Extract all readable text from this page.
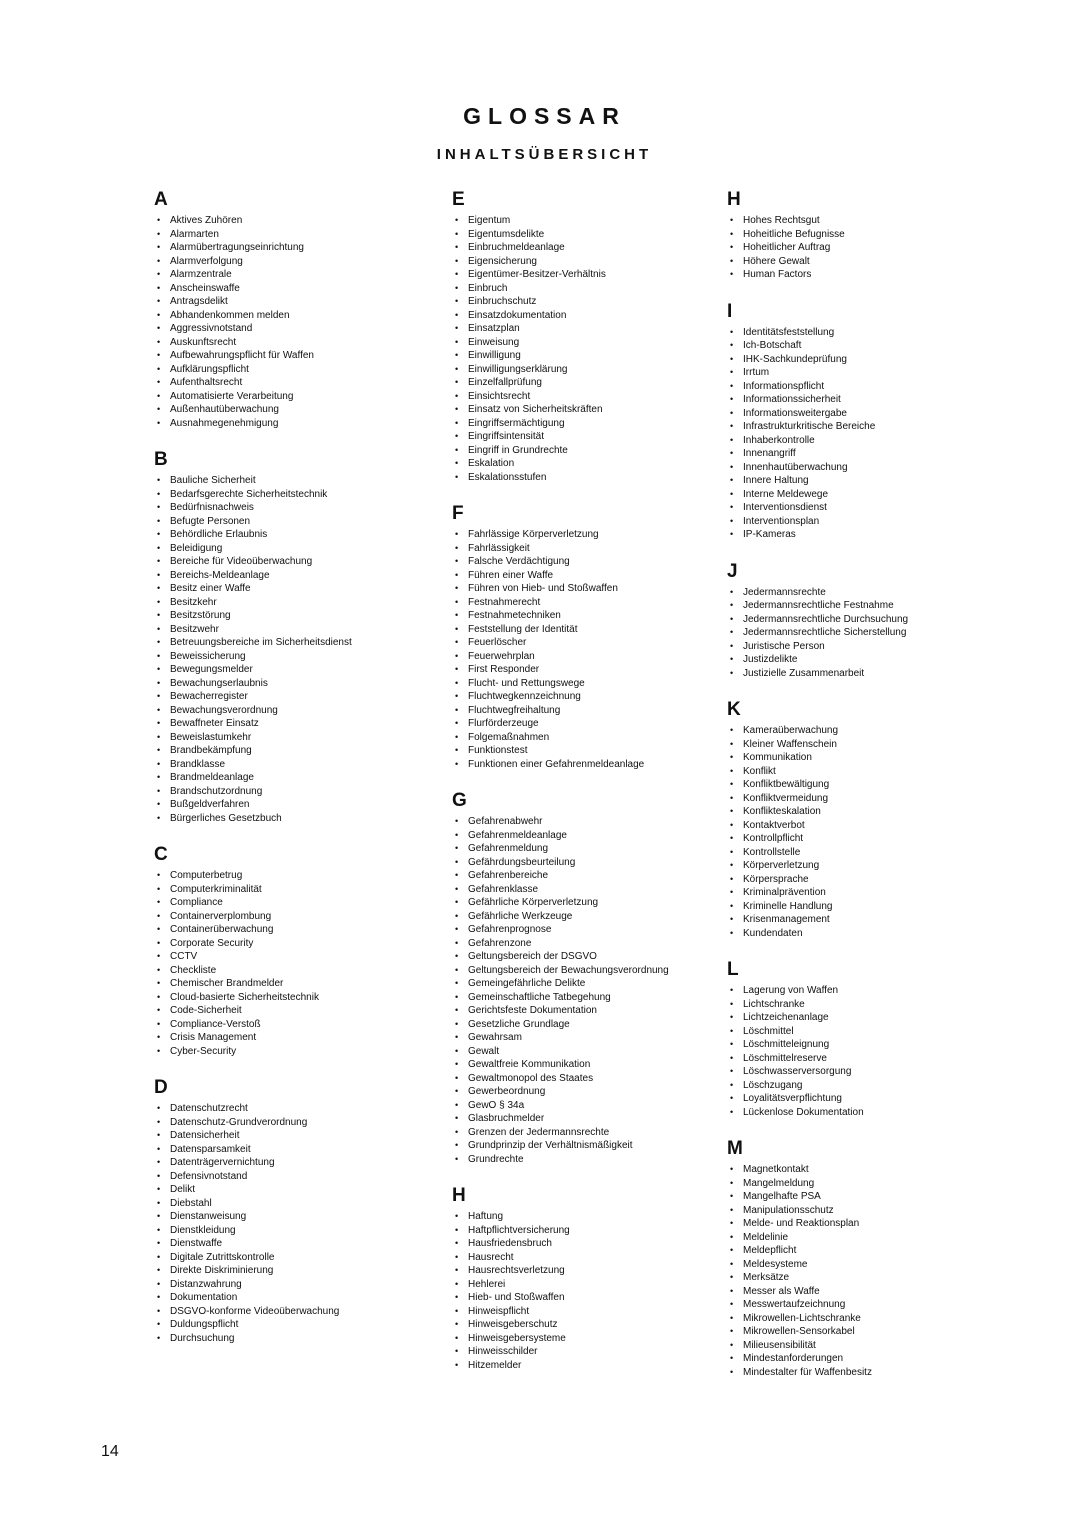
GLOSSAR
INHALTSÜBERSICHT
A
• Aktives Zuhören
• Alarmarten
• Alarmübertragungseinrichtung
• Alarmverfolgung
• Alarmzentrale
• Anscheinswaffe
• Antragsdelikt
• Abhandenkommen melden
• Aggressivnotstand
• Auskunftsrecht
• Aufbewahrungspflicht für Waffen
• Aufklärungspflicht
• Aufenthaltsrecht
• Automatisierte Verarbeitung
• Außenhautüberwachung
• Ausnahmegenehmigung
B
• Bauliche Sicherheit
• Bedarfsgerechte Sicherheitstechnik
• Bedürfnisnachweis
• Befugte Personen
• Behördliche Erlaubnis
• Beleidigung
• Bereiche für Videoüberwachung
• Bereichs-Meldeanlage
• Besitz einer Waffe
• Besitzkehr
• Besitzstörung
• Besitzwehr
• Betreuungsbereiche im Sicherheitsdienst
• Beweissicherung
• Bewegungsmelder
• Bewachungserlaubnis
• Bewacherregister
• Bewachungsverordnung
• Bewaffneter Einsatz
• Beweislastumkehr
• Brandbekämpfung
• Brandklasse
• Brandmeldeanlage
• Brandschutzordnung
• Bußgeldverfahren
• Bürgerliches Gesetzbuch
C
• Computerbetrug
• Computerkriminalität
• Compliance
• Containerverplombung
• Containerüberwachung
• Corporate Security
• CCTV
• Checkliste
• Chemischer Brandmelder
• Cloud-basierte Sicherheitstechnik
• Code-Sicherheit
• Compliance-Verstoß
• Crisis Management
• Cyber-Security
D
• Datenschutzrecht
• Datenschutz-Grundverordnung
• Datensicherheit
• Datensparsamkeit
• Datenträgervernichtung
• Defensivnotstand
• Delikt
• Diebstahl
• Dienstanweisung
• Dienstkleidung
• Dienstwaffe
• Digitale Zutrittskontrolle
• Direkte Diskriminierung
• Distanzwahrung
• Dokumentation
• DSGVO-konforme Videoüberwachung
• Duldungspflicht
• Durchsuchung
E
• Eigentum
• Eigentumsdelikte
• Einbruchmeldeanlage
• Eigensicherung
• Eigentümer-Besitzer-Verhältnis
• Einbruch
• Einbruchschutz
• Einsatzdokumentation
• Einsatzplan
• Einweisung
• Einwilligung
• Einwilligungserklärung
• Einzelfallprüfung
• Einsichtsrecht
• Einsatz von Sicherheitskräften
• Eingriffsermächtigung
• Eingriffsintensität
• Eingriff in Grundrechte
• Eskalation
• Eskalationsstufen
F
• Fahrlässige Körperverletzung
• Fahrlässigkeit
• Falsche Verdächtigung
• Führen einer Waffe
• Führen von Hieb- und Stoßwaffen
• Festnahmerecht
• Festnahmetechniken
• Feststellung der Identität
• Feuerlöscher
• Feuerwehrplan
• First Responder
• Flucht- und Rettungswege
• Fluchtwegkennzeichnung
• Fluchtwegfreihaltung
• Flurförderzeuge
• Folgemaßnahmen
• Funktionstest
• Funktionen einer Gefahrenmeldeanlage
G
• Gefahrenabwehr
• Gefahrenmeldeanlage
• Gefahrenmeldung
• Gefährdungsbeurteilung
• Gefahrenbereiche
• Gefahrenklasse
• Gefährliche Körperverletzung
• Gefährliche Werkzeuge
• Gefahrenprognose
• Gefahrenzone
• Geltungsbereich der DSGVO
• Geltungsbereich der Bewachungsverordnung
• Gemeingefährliche Delikte
• Gemeinschaftliche Tatbegehung
• Gerichtsfeste Dokumentation
• Gesetzliche Grundlage
• Gewahrsam
• Gewalt
• Gewaltfreie Kommunikation
• Gewaltmonopol des Staates
• Gewerbeordnung
• GewO § 34a
• Glasbruchmelder
• Grenzen der Jedermannsrechte
• Grundprinzip der Verhältnismäßigkeit
• Grundrechte
H
• Haftung
• Haftpflichtversicherung
• Hausfriedensbruch
• Hausrecht
• Hausrechtsverletzung
• Hehlerei
• Hieb- und Stoßwaffen
• Hinweispflicht
• Hinweisgeberschutz
• Hinweisgebersysteme
• Hinweisschilder
• Hitzemelder
H
• Hohes Rechtsgut
• Hoheitliche Befugnisse
• Hoheitlicher Auftrag
• Höhere Gewalt
• Human Factors
I
• Identitätsfeststellung
• Ich-Botschaft
• IHK-Sachkundeprüfung
• Irrtum
• Informationspflicht
• Informationssicherheit
• Informationsweitergabe
• Infrastrukturkritische Bereiche
• Inhaberkontrolle
• Innenangriff
• Innenhautüberwachung
• Innere Haltung
• Interne Meldewege
• Interventionsdienst
• Interventionsplan
• IP-Kameras
J
• Jedermannsrechte
• Jedermannsrechtliche Festnahme
• Jedermannsrechtliche Durchsuchung
• Jedermannsrechtliche Sicherstellung
• Juristische Person
• Justizdelikte
• Justizielle Zusammenarbeit
K
• Kameraüberwachung
• Kleiner Waffenschein
• Kommunikation
• Konflikt
• Konfliktbewältigung
• Konfliktvermeidung
• Konflikteskalation
• Kontaktverbot
• Kontrollpflicht
• Kontrollstelle
• Körperverletzung
• Körpersprache
• Kriminalprävention
• Kriminelle Handlung
• Krisenmanagement
• Kundendaten
L
• Lagerung von Waffen
• Lichtschranke
• Lichtzeichenanlage
• Löschmittel
• Löschmitteleignung
• Löschmittelreserve
• Löschwasserversorgung
• Löschzugang
• Loyalitätsverpflichtung
• Lückenlose Dokumentation
M
• Magnetkontakt
• Mangelmeldung
• Mangelhafte PSA
• Manipulationsschutz
• Melde- und Reaktionsplan
• Meldelinie
• Meldepflicht
• Meldesysteme
• Merksätze
• Messer als Waffe
• Messwertaufzeichnung
• Mikrowellen-Lichtschranke
• Mikrowellen-Sensorkabel
• Milieusensibilität
• Mindestanforderungen
• Mindestalter für Waffenbesitz

14
